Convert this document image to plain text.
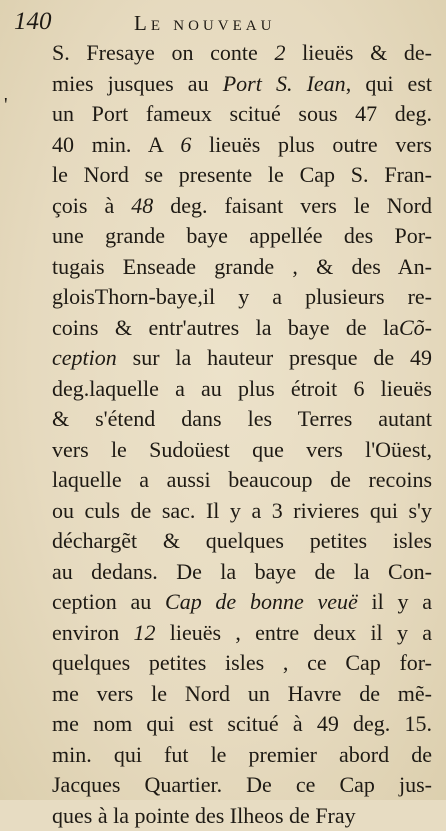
140	Le nouveau
'
S. Fresaye on conte 2 lieuës & de-
mies jusques au Port S. Iean, qui est
un Port fameux scitué sous 47 deg.
40 min. A 6 lieuës plus outre vers
le Nord se presente le Cap S. Fran-
çois à 48 deg. faisant vers le Nord
une grande baye appellée des Por-
tugais Enseade grande , & des An-
gloisThorn-baye,il y a plusieurs re-
coins & entr'autres la baye de laCõ-
ception sur la hauteur presque de 49
deg.laquelle a au plus étroit 6 lieuës
& s'étend dans les Terres autant
vers le Sudoüest que vers l'Oüest,
laquelle a aussi beaucoup de recoins
ou culs de sac. Il y a 3 rivieres qui s'y
déchargẽt & quelques petites isles
au dedans. De la baye de la Con-
ception au Cap de bonne veuë il y a
environ 12 lieuës , entre deux il y a
quelques petites isles , ce Cap for-
me vers le Nord un Havre de mẽ-
me nom qui est scitué à 49 deg. 15.
min. qui fut le premier abord de
Jacques Quartier. De ce Cap jus-
ques à la pointe des Ilheos de Fray
